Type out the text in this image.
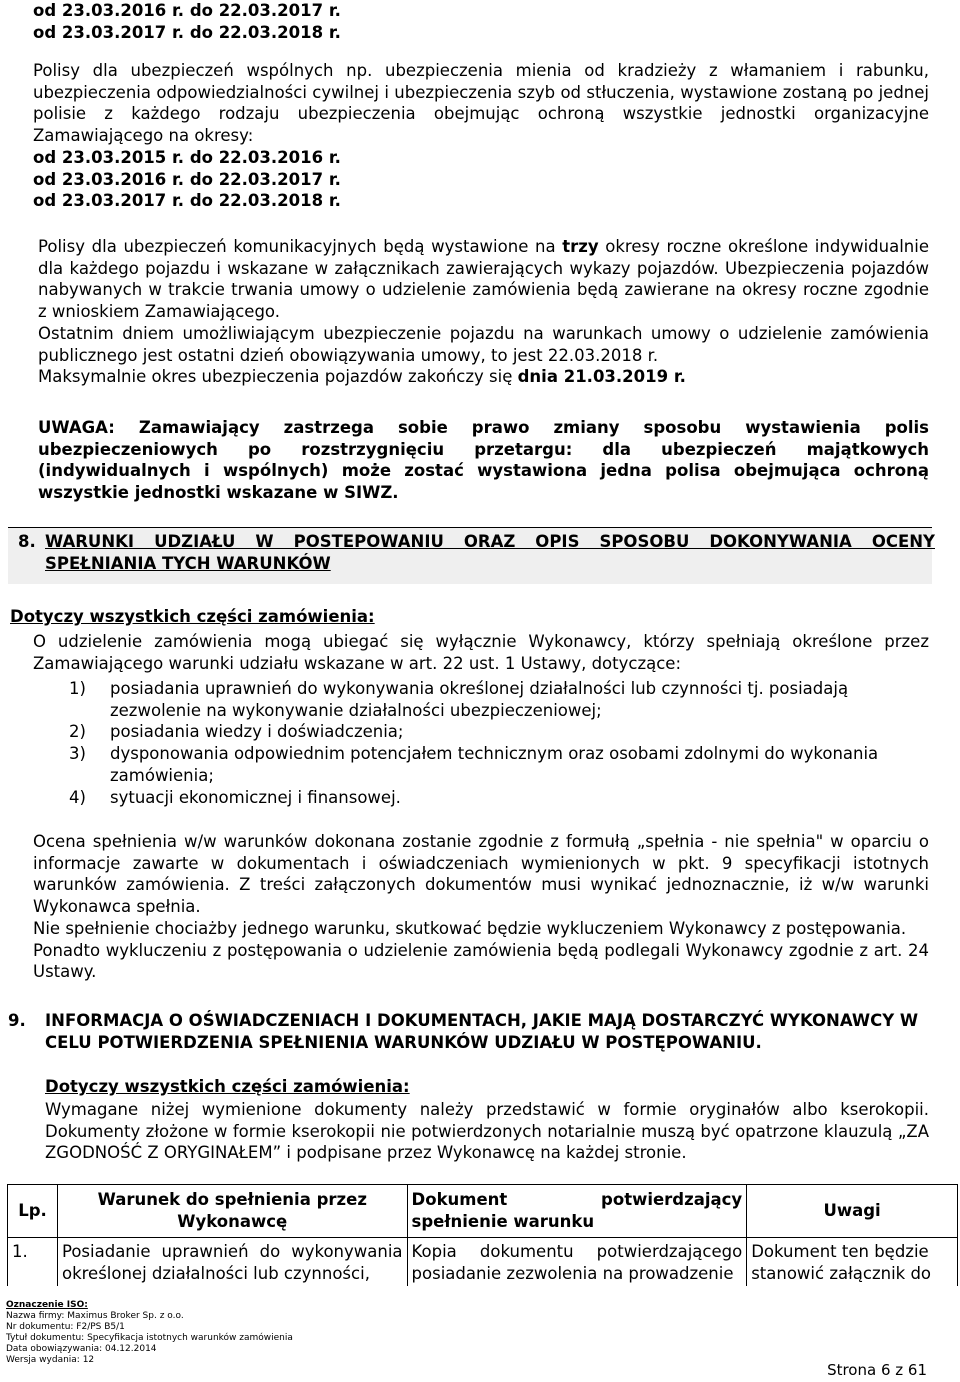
od 23.03.2016 r. do 22.03.2017 r.
od 23.03.2017 r. do 22.03.2018 r.
Polisy dla ubezpieczeń wspólnych np. ubezpieczenia mienia od kradzieży z włamaniem i rabunku, ubezpieczenia odpowiedzialności cywilnej i ubezpieczenia szyb od stłuczenia, wystawione zostaną po jednej polisie z każdego rodzaju ubezpieczenia obejmując ochroną wszystkie jednostki organizacyjne Zamawiającego na okresy:
od 23.03.2015 r. do 22.03.2016 r.
od 23.03.2016 r. do 22.03.2017 r.
od 23.03.2017 r. do 22.03.2018 r.
Polisy dla ubezpieczeń komunikacyjnych będą wystawione na trzy okresy roczne określone indywidualnie dla każdego pojazdu i wskazane w załącznikach zawierających wykazy pojazdów. Ubezpieczenia pojazdów nabywanych w trakcie trwania umowy o udzielenie zamówienia będą zawierane na okresy roczne zgodnie z wnioskiem Zamawiającego.
Ostatnim dniem umożliwiającym ubezpieczenie pojazdu na warunkach umowy o udzielenie zamówienia publicznego jest ostatni dzień obowiązywania umowy, to jest 22.03.2018 r.
Maksymalnie okres ubezpieczenia pojazdów zakończy się dnia 21.03.2019 r.
UWAGA: Zamawiający zastrzega sobie prawo zmiany sposobu wystawienia polis ubezpieczeniowych po rozstrzygnięciu przetargu: dla ubezpieczeń majątkowych (indywidualnych i wspólnych) może zostać wystawiona jedna polisa obejmująca ochroną wszystkie jednostki wskazane w SIWZ.
8. WARUNKI UDZIAŁU W POSTEPOWANIU ORAZ OPIS SPOSOBU DOKONYWANIA OCENY SPEŁNIANIA TYCH WARUNKÓW
Dotyczy wszystkich części zamówienia:
O udzielenie zamówienia mogą ubiegać się wyłącznie Wykonawcy, którzy spełniają określone przez Zamawiającego warunki udziału wskazane w art. 22 ust. 1 Ustawy, dotyczące:
1) posiadania uprawnień do wykonywania określonej działalności lub czynności tj. posiadają zezwolenie na wykonywanie działalności ubezpieczeniowej;
2) posiadania wiedzy i doświadczenia;
3) dysponowania odpowiednim potencjałem technicznym oraz osobami zdolnymi do wykonania zamówienia;
4) sytuacji ekonomicznej i finansowej.
Ocena spełnienia w/w warunków dokonana zostanie zgodnie z formułą „spełnia - nie spełnia" w oparciu o informacje zawarte w dokumentach i oświadczeniach wymienionych w pkt. 9 specyfikacji istotnych warunków zamówienia. Z treści załączonych dokumentów musi wynikać jednoznacznie, iż w/w warunki Wykonawca spełnia.
Nie spełnienie chociażby jednego warunku, skutkować będzie wykluczeniem Wykonawcy z postępowania.
Ponadto wykluczeniu z postępowania o udzielenie zamówienia będą podlegali Wykonawcy zgodnie z art. 24 Ustawy.
9. INFORMACJA O OŚWIADCZENIACH I DOKUMENTACH, JAKIE MAJĄ DOSTARCZYĆ WYKONAWCY W CELU POTWIERDZENIA SPEŁNIENIA WARUNKÓW UDZIAŁU W POSTĘPOWANIU.
Dotyczy wszystkich części zamówienia:
Wymagane niżej wymienione dokumenty należy przedstawić w formie oryginałów albo kserokopii. Dokumenty złożone w formie kserokopii nie potwierdzonych notarialnie muszą być opatrzone klauzulą „ZA ZGODNOŚĆ Z ORYGINAŁEM” i podpisane przez Wykonawcę na każdej stronie.
Lp.	Warunek do spełnienia przez Wykonawcę	Dokument potwierdzający spełnienie warunku	Uwagi
1.	Posiadanie uprawnień do wykonywania określonej działalności lub czynności,	Kopia dokumentu potwierdzającego posiadanie zezwolenia na prowadzenie	Dokument ten będzie stanowić załącznik do
Oznaczenie ISO:
Nazwa firmy: Maximus Broker Sp. z o.o.
Nr dokumentu: F2/PS B5/1
Tytuł dokumentu: Specyfikacja istotnych warunków zamówienia
Data obowiązywania: 04.12.2014
Wersja wydania: 12
Strona 6 z 61
